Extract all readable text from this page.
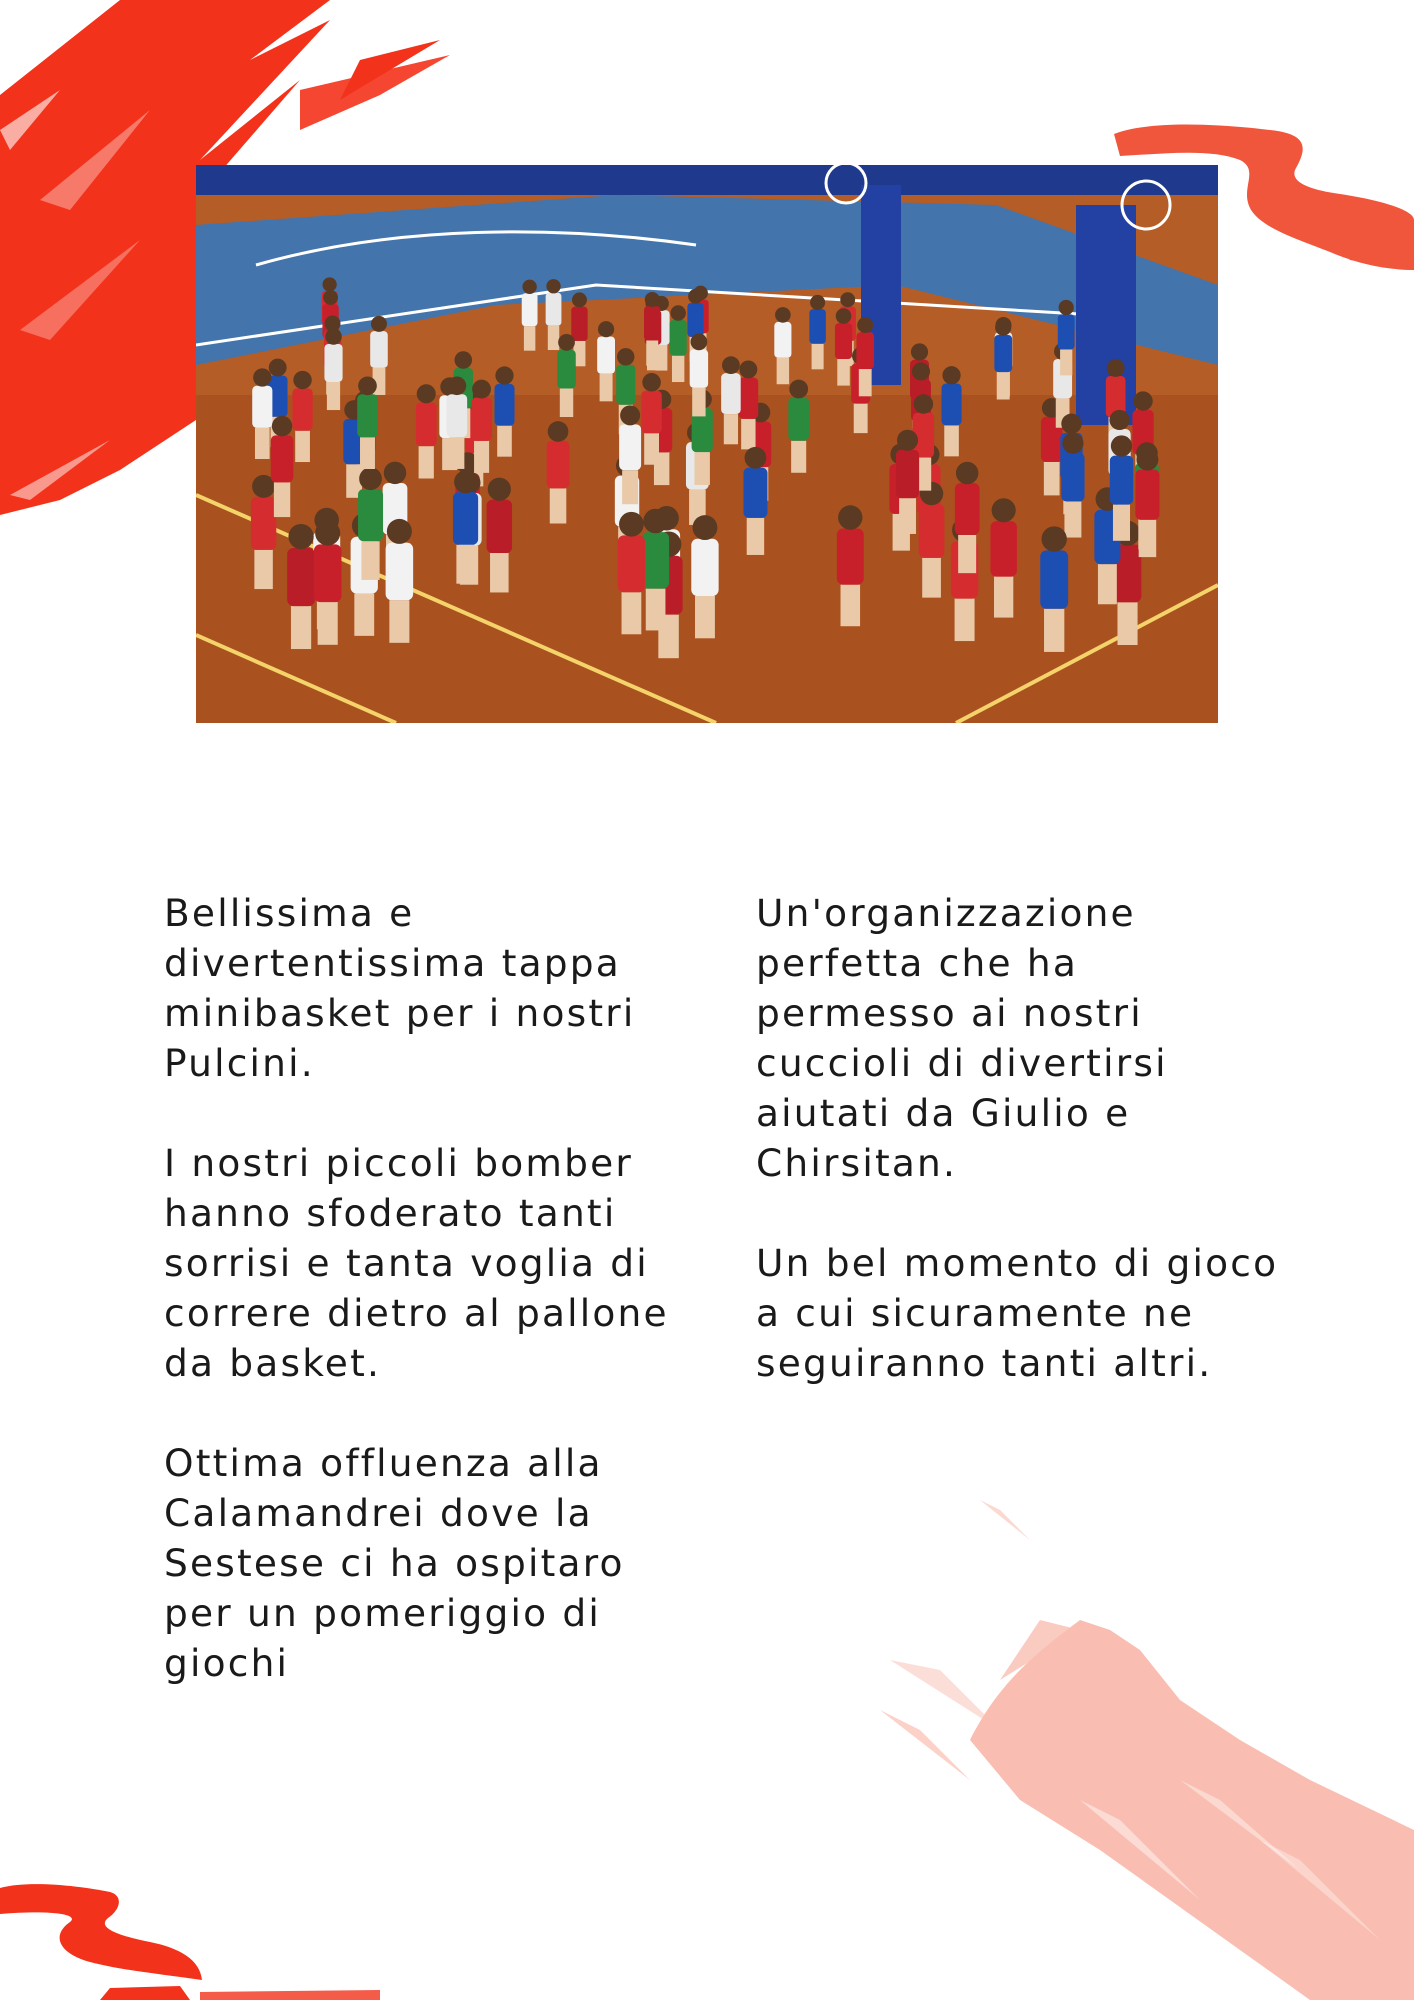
Bellissima e
divertentissima tappa
minibasket per i nostri
Pulcini.

I nostri piccoli bomber
hanno sfoderato tanti
sorrisi e tanta voglia di
correre dietro al pallone
da basket.

Ottima offluenza alla
Calamandrei dove la
Sestese ci ha ospitaro
per un pomeriggio di
giochi

Un'organizzazione
perfetta che ha
permesso ai nostri
cuccioli di divertirsi
aiutati da Giulio e
Chirsitan.

Un bel momento di gioco
a cui sicuramente ne
seguiranno tanti altri.
